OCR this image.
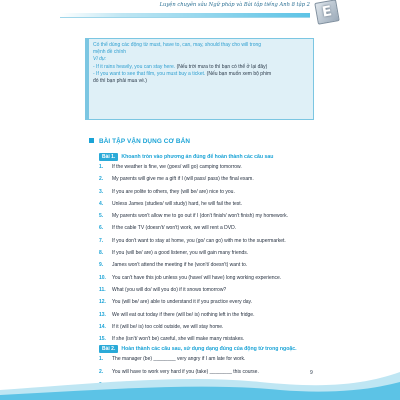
Luyện chuyên sâu Ngữ pháp và Bài tập tiếng Anh 8 tập 2 E
Có thể dùng các động từ must, have to, can, may, should thay cho will trong
mệnh đề chính
Ví dụ:
- If it rains heavily, you can stay here. (Nếu trời mưa to thì bạn có thể ở lại đây)
- If you want to see that film, you must buy a ticket. (Nếu bạn muốn xem bộ phim
đó thì bạn phải mua vé.)
BÀI TẬP VẬN DỤNG CƠ BẢN
Bài 1. Khoanh tròn vào phương án đúng để hoàn thành các câu sau
1. If the weather is fine, we (goes/ will go) camping tomorrow.
2. My parents will give me a gift if I (will pass/ pass) the final exam.
3. If you are polite to others, they (will be/ are) nice to you.
4. Unless James (studies/ will study) hard, he will fail the test.
5. My parents won't allow me to go out if I (don't finish/ won't finish) my homework.
6. If the cable TV (doesn't/ won't) work, we will rent a DVD.
7. If you don't want to stay at home, you (go/ can go) with me to the supermarket.
8. If you (will be/ are) a good listener, you will gain many friends.
9. James won't attend the meeting if he (won't/ doesn't) want to.
10. You can't have this job unless you (have/ will have) long working experience.
11. What (you will do/ will you do) if it snows tomorrow?
12. You (will be/ are) able to understand it if you practice every day.
13. We will eat out today if there (will be/ is) nothing left in the fridge.
14. If it (will be/ is) too cold outside, we will stay home.
15. If she (isn't/ won't be) careful, she will make many mistakes.
Bài 2. Hoàn thành các câu sau, sử dụng dạng đúng của động từ trong ngoặc.
1. The manager (be) ________ very angry if I am late for work.
2. You will have to work very hard if you (take) ________ this course.	9
